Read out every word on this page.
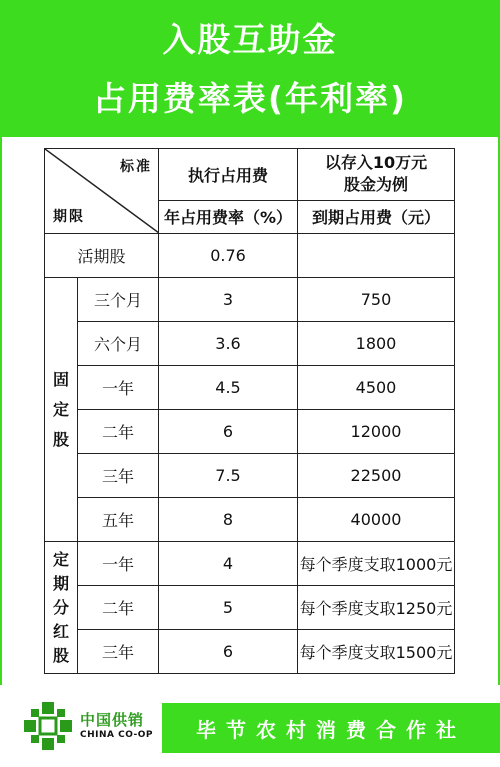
入股互助金
占用费率表(年利率)
标准
期限		执行占用费	以存入10万元
股金为例

		年占用费率（%）	到期占用费（元）
活期股		0.76	

固
定
股	三个月	3	750
	六个月	3.6	1800
	一年	4.5	4500
	二年	6	12000
	三年	7.5	22500
	五年	8	40000

定
期
分
红
股	一年	4	每个季度支取1000元
	二年	5	每个季度支取1250元
	三年	6	每个季度支取1500元
中国供销
CHINA CO-OP	毕节农村消费合作社
